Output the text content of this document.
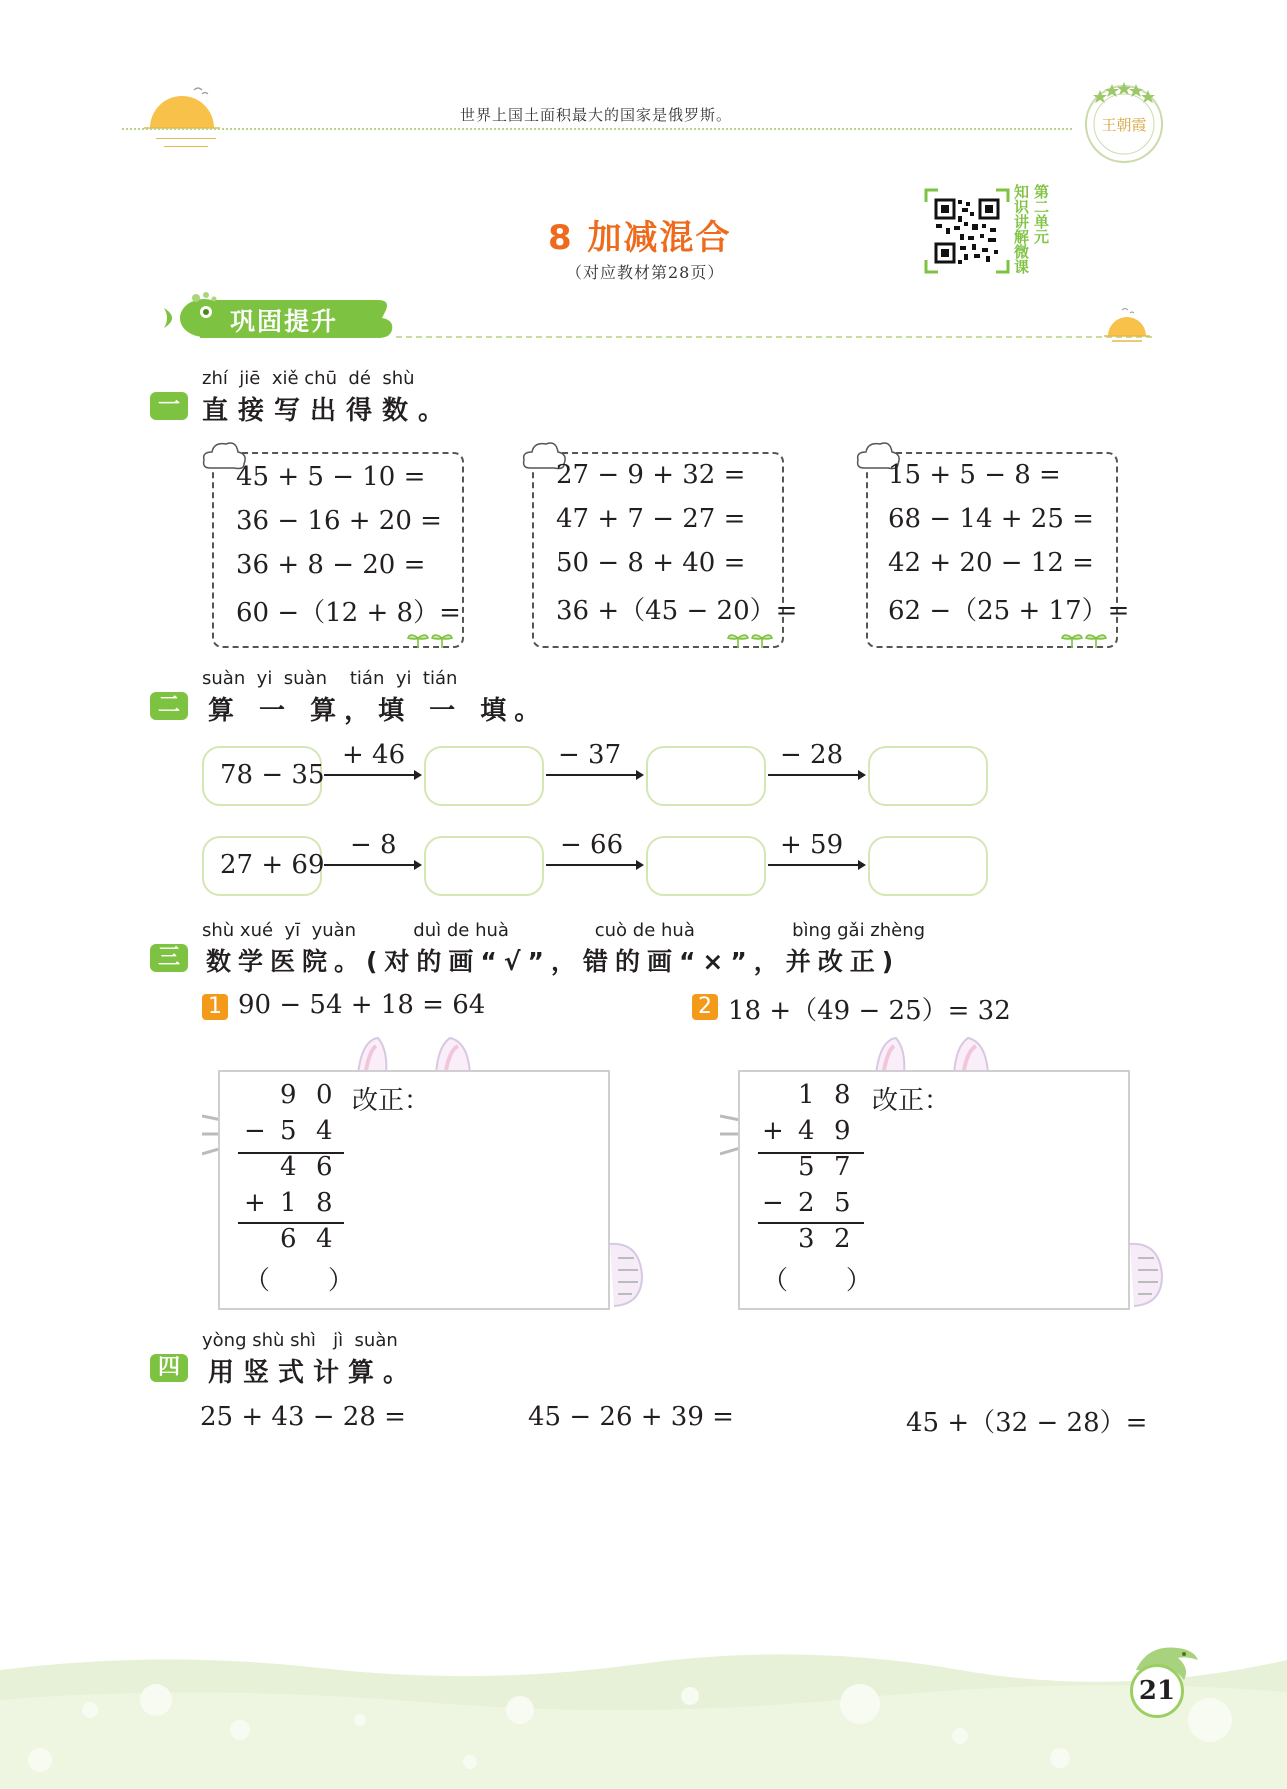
世界上国土面积最大的国家是俄罗斯。
王朝霞
8 加减混合
（对应教材第28页）	知识讲解微课 第二单元
巩固提升
zhí  jiē  xiě chū  dé  shù
一 直接写出得数。
45 + 5 − 10 =
36 − 16 + 20 =
36 + 8 − 20 =
60 −（12 + 8）=
27 − 9 + 32 =
47 + 7 − 27 =
50 − 8 + 40 =
36 +（45 − 20）=
15 + 5 − 8 =
68 − 14 + 25 =
42 + 20 − 12 =
62 −（25 + 17）=
suàn  yi  suàn    tián  yi  tián
二	算 一 算，填 一 填。
78 − 35
+ 46	− 37	− 28
27 + 69
− 8	− 66	+ 59
shù xué  yī  yuàn          duì de huà               cuò de huà                 bìng gǎi zhèng
三	数学医院。(对的画“√”，错的画“×”，并改正)
1 90 − 54 + 18 = 64	2 18 +（49 − 25）= 32
9 0 改正：
− 5 4
4 6
+ 1 8
6 4
（       ）
1 8 改正：
+ 4 9
5 7
− 2 5
3 2
（       ）
yòng shù shì   jì  suàn
四	用竖式计算。
25 + 43 − 28 =	45 − 26 + 39 =	45 +（32 − 28）=
21
